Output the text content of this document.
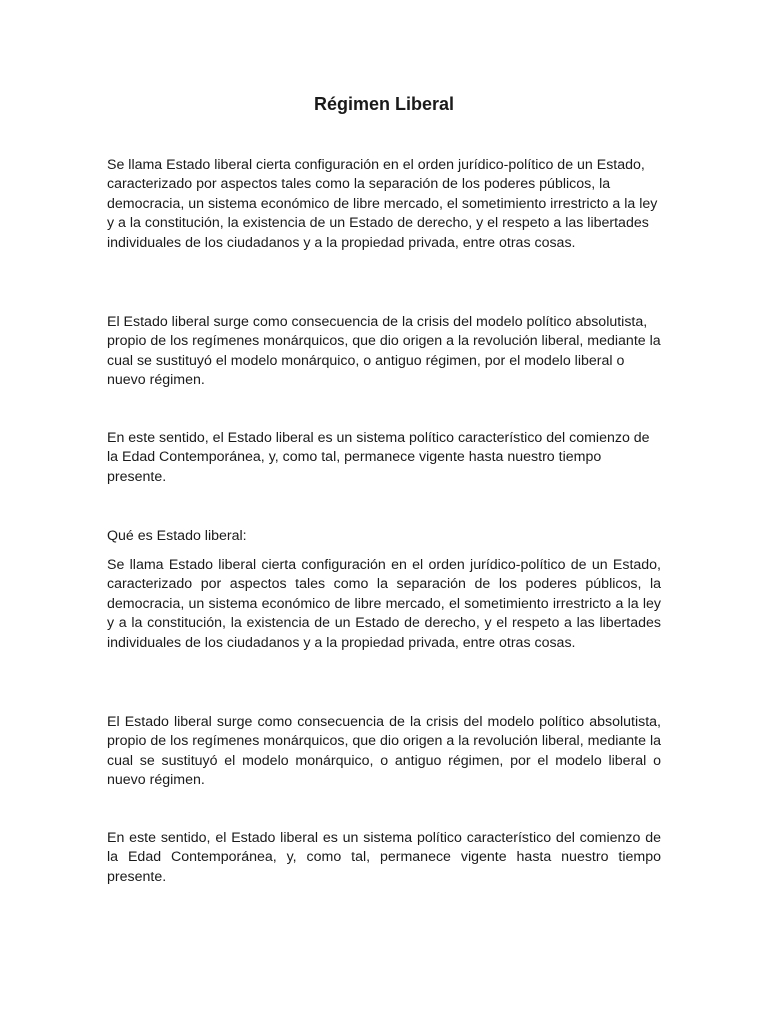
Régimen Liberal

Se llama Estado liberal cierta configuración en el orden jurídico-político de un Estado, caracterizado por aspectos tales como la separación de los poderes públicos, la democracia, un sistema económico de libre mercado, el sometimiento irrestricto a la ley y a la constitución, la existencia de un Estado de derecho, y el respeto a las libertades individuales de los ciudadanos y a la propiedad privada, entre otras cosas.

El Estado liberal surge como consecuencia de la crisis del modelo político absolutista, propio de los regímenes monárquicos, que dio origen a la revolución liberal, mediante la cual se sustituyó el modelo monárquico, o antiguo régimen, por el modelo liberal o nuevo régimen.

En este sentido, el Estado liberal es un sistema político característico del comienzo de la Edad Contemporánea, y, como tal, permanece vigente hasta nuestro tiempo presente.

Qué es Estado liberal:

Se llama Estado liberal cierta configuración en el orden jurídico-político de un Estado, caracterizado por aspectos tales como la separación de los poderes públicos, la democracia, un sistema económico de libre mercado, el sometimiento irrestricto a la ley y a la constitución, la existencia de un Estado de derecho, y el respeto a las libertades individuales de los ciudadanos y a la propiedad privada, entre otras cosas.

El Estado liberal surge como consecuencia de la crisis del modelo político absolutista, propio de los regímenes monárquicos, que dio origen a la revolución liberal, mediante la cual se sustituyó el modelo monárquico, o antiguo régimen, por el modelo liberal o nuevo régimen.

En este sentido, el Estado liberal es un sistema político característico del comienzo de la Edad Contemporánea, y, como tal, permanece vigente hasta nuestro tiempo presente.
